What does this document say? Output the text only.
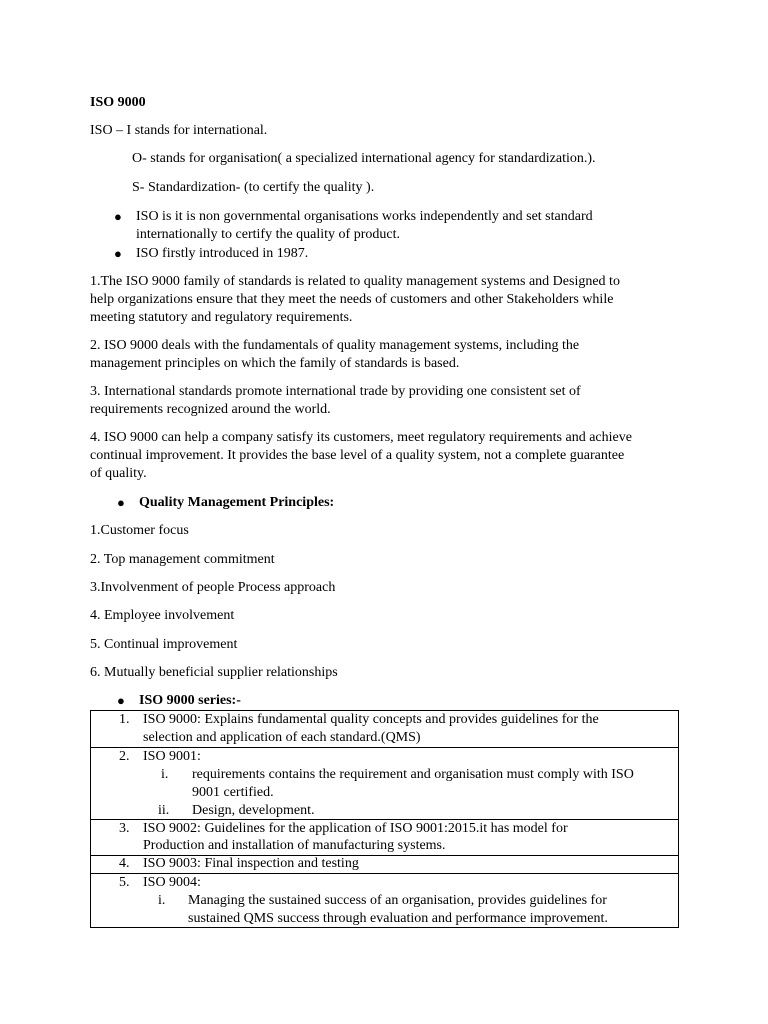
ISO 9000
ISO – I stands for international.
O- stands for organisation( a specialized international agency for standardization.).
S- Standardization- (to certify the quality ).
● ISO is it is non governmental organisations works independently and set standard
internationally to certify the quality of product.
● ISO firstly introduced in 1987.
1.The ISO 9000 family of standards is related to quality management systems and Designed to
help organizations ensure that they meet the needs of customers and other Stakeholders while
meeting statutory and regulatory requirements.
2. ISO 9000 deals with the fundamentals of quality management systems, including the
management principles on which the family of standards is based.
3. International standards promote international trade by providing one consistent set of
requirements recognized around the world.
4. ISO 9000 can help a company satisfy its customers, meet regulatory requirements and achieve
continual improvement. It provides the base level of a quality system, not a complete guarantee
of quality.
● Quality Management Principles:
1.Customer focus
2. Top management commitment
3.Involvenment of people Process approach
4. Employee involvement
5. Continual improvement
6. Mutually beneficial supplier relationships
● ISO 9000 series:-
1. ISO 9000: Explains fundamental quality concepts and provides guidelines for the
selection and application of each standard.(QMS)

2. ISO 9001:
i. requirements contains the requirement and organisation must comply with ISO
9001 certified.
ii. Design, development.

3. ISO 9002: Guidelines for the application of ISO 9001:2015.it has model for
Production and installation of manufacturing systems.

4. ISO 9003: Final inspection and testing

5. ISO 9004:
i. Managing the sustained success of an organisation, provides guidelines for
sustained QMS success through evaluation and performance improvement.
